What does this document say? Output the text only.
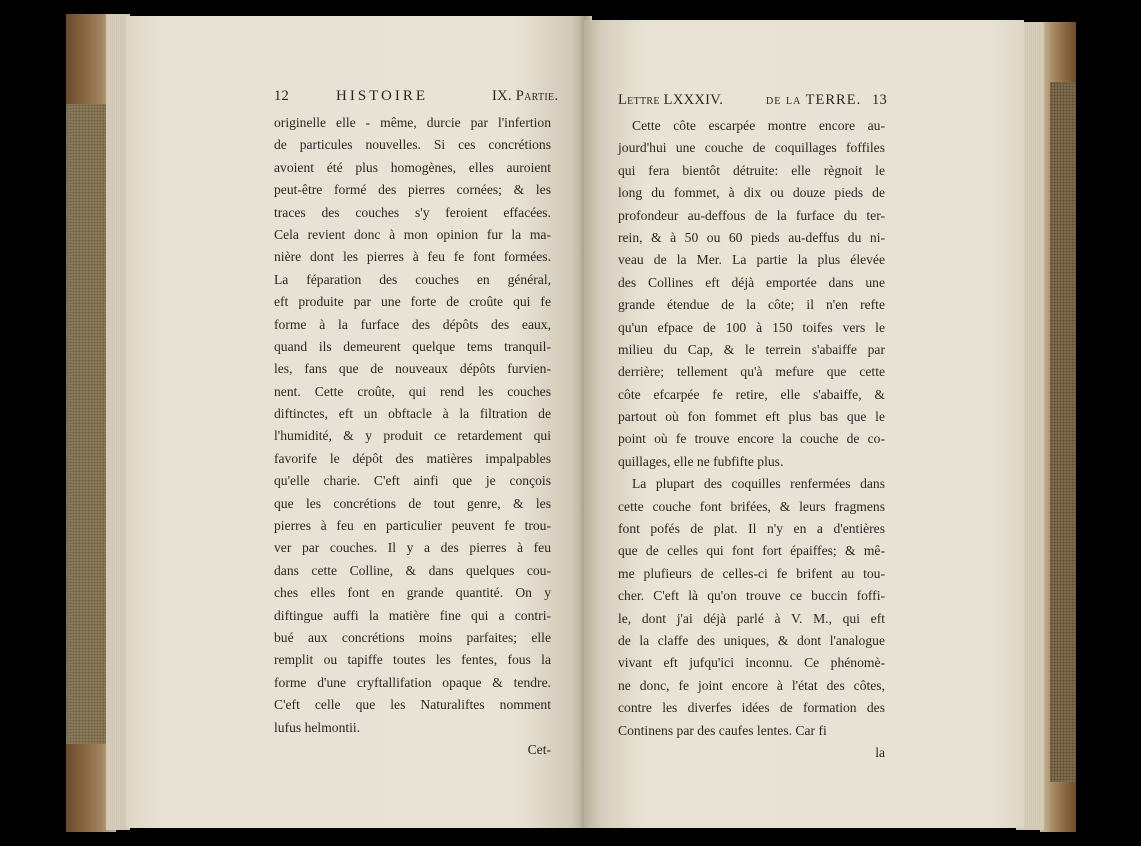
12	HISTOIRE	IX. Partie.
originelle elle - même, durcie par l'infertion
de particules nouvelles. Si ces concrétions
avoient été plus homogènes, elles auroient
peut-être formé des pierres cornées; & les
traces des couches s'y feroient effacées.
Cela revient donc à mon opinion fur la ma-
nière dont les pierres à feu fe font formées.
La féparation des couches en général,
eft produite par une forte de croûte qui fe
forme à la furface des dépôts des eaux,
quand ils demeurent quelque tems tranquil-
les, fans que de nouveaux dépôts furvien-
nent. Cette croûte, qui rend les couches
diftinctes, eft un obftacle à la filtration de
l'humidité, & y produit ce retardement qui
favorife le dépôt des matières impalpables
qu'elle charie. C'eft ainfi que je conçois
que les concrétions de tout genre, & les
pierres à feu en particulier peuvent fe trou-
ver par couches. Il y a des pierres à feu
dans cette Colline, & dans quelques cou-
ches elles font en grande quantité. On y
diftingue auffi la matière fine qui a contri-
bué aux concrétions moins parfaites; elle
remplit ou tapiffe toutes les fentes, fous la
forme d'une cryftallifation opaque & tendre.
C'eft celle que les Naturaliftes nomment
lufus helmontii.
Cet-
Lettre LXXXIV.	de la TERRE. 13
Cette côte escarpée montre encore au-
jourd'hui une couche de coquillages foffiles
qui fera bientôt détruite: elle règnoit le
long du fommet, à dix ou douze pieds de
profondeur au-deffous de la furface du ter-
rein, & à 50 ou 60 pieds au-deffus du ni-
veau de la Mer. La partie la plus élevée
des Collines eft déjà emportée dans une
grande étendue de la côte; il n'en refte
qu'un efpace de 100 à 150 toifes vers le
milieu du Cap, & le terrein s'abaiffe par
derrière; tellement qu'à mefure que cette
côte efcarpée fe retire, elle s'abaiffe, &
partout où fon fommet eft plus bas que le
point où fe trouve encore la couche de co-
quillages, elle ne fubfifte plus.
La plupart des coquilles renfermées dans
cette couche font brifées, & leurs fragmens
font pofés de plat. Il n'y en a d'entières
que de celles qui font fort épaiffes; & mê-
me plufieurs de celles-ci fe brifent au tou-
cher. C'eft là qu'on trouve ce buccin foffi-
le, dont j'ai déjà parlé à V. M., qui eft
de la claffe des uniques, & dont l'analogue
vivant eft jufqu'ici inconnu. Ce phénomè-
ne donc, fe joint encore à l'état des côtes,
contre les diverfes idées de formation des
Continens par des caufes lentes. Car fi
la
